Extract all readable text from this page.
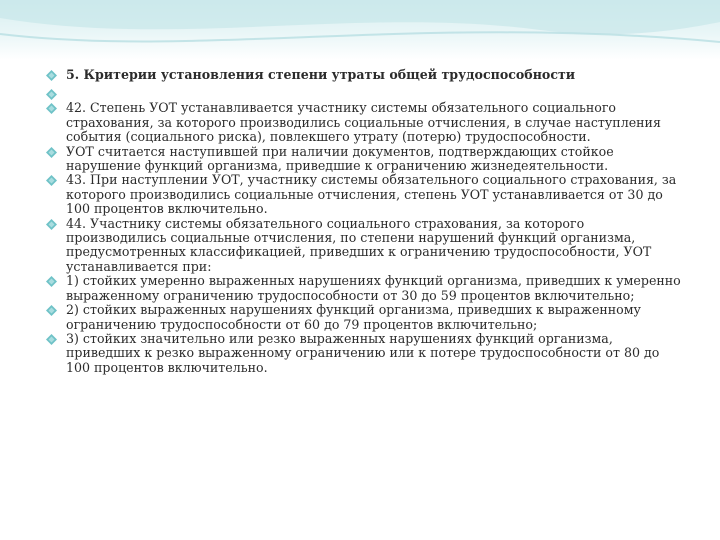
5. Критерии установления степени утраты общей трудоспособности
42. Степень УОТ устанавливается участнику системы обязательного социального страхования, за которого производились социальные отчисления, в случае наступления события (социального риска), повлекшего утрату (потерю) трудоспособности.
УОТ считается наступившей при наличии документов, подтверждающих стойкое нарушение функций организма, приведшие к ограничению жизнедеятельности.
43. При наступлении УОТ, участнику системы обязательного социального страхования, за которого производились социальные отчисления, степень УОТ устанавливается от 30 до 100 процентов включительно.
44. Участнику системы обязательного социального страхования, за которого производились социальные отчисления, по степени нарушений функций организма, предусмотренных классификацией, приведших к ограничению трудоспособности, УОТ устанавливается при:
1) стойких умеренно выраженных нарушениях функций организма, приведших к умеренно выраженному ограничению трудоспособности от 30 до 59 процентов включительно;
2) стойких выраженных нарушениях функций организма, приведших к выраженному ограничению трудоспособности от 60 до 79 процентов включительно;
3) стойких значительно или резко выраженных нарушениях функций организма, приведших к резко выраженному ограничению или к потере трудоспособности от 80 до 100 процентов включительно.
